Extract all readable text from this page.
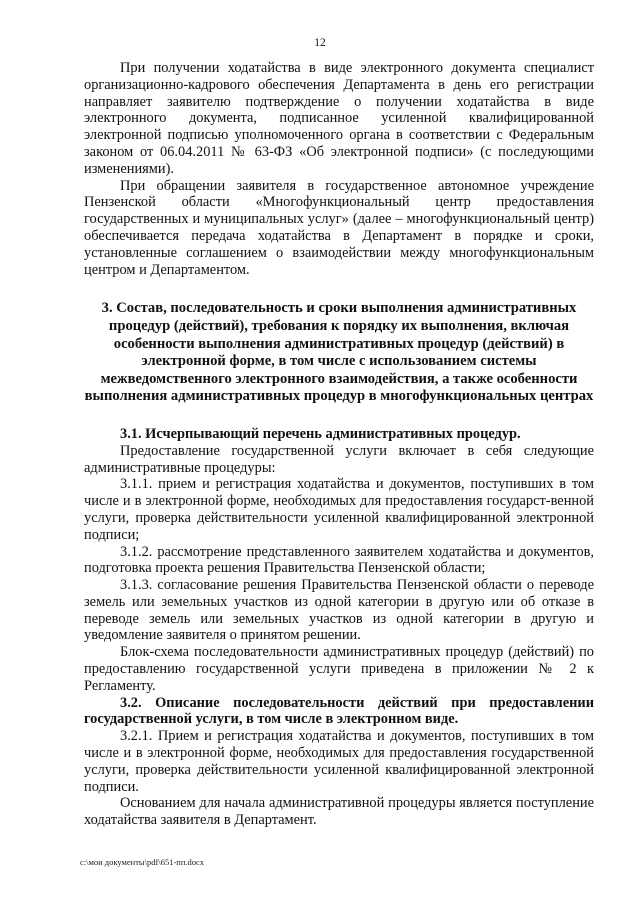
12

При получении ходатайства в виде электронного документа специалист организационно-кадрового обеспечения Департамента в день его регистрации направляет заявителю подтверждение о получении ходатайства в виде электронного документа, подписанное усиленной квалифицированной электронной подписью уполномоченного органа в соответствии с Федеральным законом от 06.04.2011 № 63-ФЗ «Об электронной подписи» (с последующими изменениями).

При обращении заявителя в государственное автономное учреждение Пензенской области «Многофункциональный центр предоставления государственных и муниципальных услуг» (далее – многофункциональный центр) обеспечивается передача ходатайства в Департамент в порядке и сроки, установленные соглашением о взаимодействии между многофункциональным центром и Департаментом.

3. Состав, последовательность и сроки выполнения административных процедур (действий), требования к порядку их выполнения, включая особенности выполнения административных процедур (действий) в электронной форме, в том числе с использованием системы межведомственного электронного взаимодействия, а также особенности выполнения административных процедур в многофункциональных центрах

3.1. Исчерпывающий перечень административных процедур.

Предоставление государственной услуги включает в себя следующие административные процедуры:

3.1.1. прием и регистрация ходатайства и документов, поступивших в том числе и в электронной форме, необходимых для предоставления государст-венной услуги, проверка действительности усиленной квалифицированной электронной подписи;

3.1.2. рассмотрение представленного заявителем ходатайства и документов, подготовка проекта решения Правительства Пензенской области;

3.1.3. согласование решения Правительства Пензенской области о переводе земель или земельных участков из одной категории в другую или об отказе в переводе земель или земельных участков из одной категории в другую и уведомление заявителя о принятом решении.

Блок-схема последовательности административных процедур (действий) по предоставлению государственной услуги приведена в приложении № 2 к Регламенту.

3.2. Описание последовательности действий при предоставлении государственной услуги, в том числе в электронном виде.

3.2.1. Прием и регистрация ходатайства и документов, поступивших в том числе и в электронной форме, необходимых для предоставления государственной услуги, проверка действительности усиленной квалифицированной электронной подписи.

Основанием для начала административной процедуры является поступление ходатайства заявителя в Департамент.

c:\мои документы\pdf\651-пп.docx
